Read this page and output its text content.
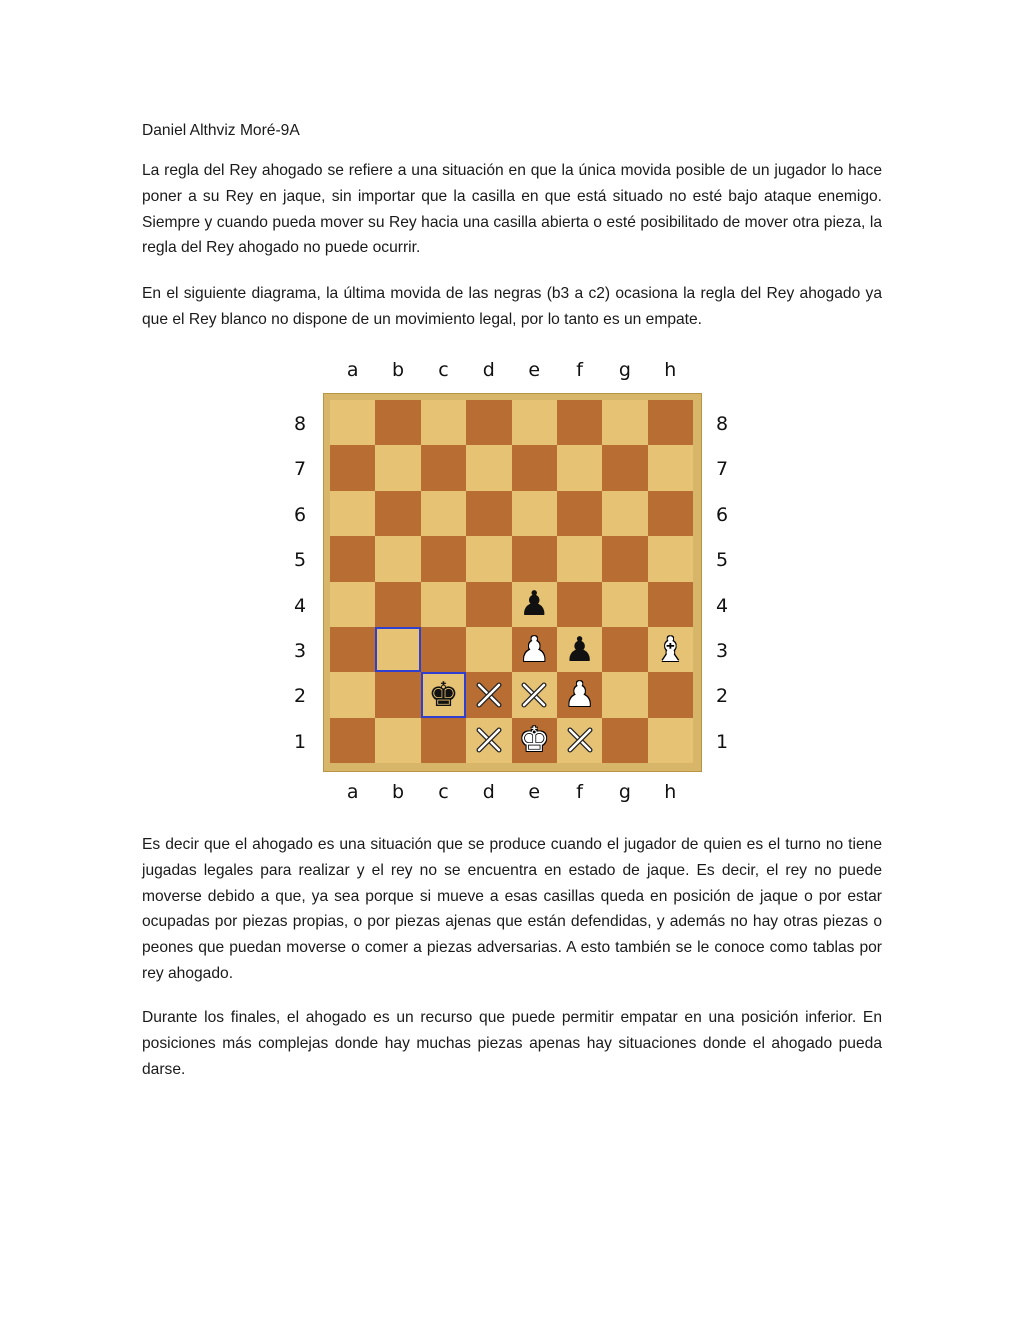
Daniel Althviz Moré-9A

La regla del Rey ahogado se refiere a una situación en que la única movida posible de un jugador lo hace poner a su Rey en jaque, sin importar que la casilla en que está situado no esté bajo ataque enemigo. Siempre y cuando pueda mover su Rey hacia una casilla abierta o esté posibilitado de mover otra pieza, la regla del Rey ahogado no puede ocurrir.

En el siguiente diagrama, la última movida de las negras (b3 a c2) ocasiona la regla del Rey ahogado ya que el Rey blanco no dispone de un movimiento legal, por lo tanto es un empate.

a	b	c	d	e	f	g	h
8
7
6
5
4
3
2
1
8
7
6
5
4
3
2
1
♟
♟ ♟ ♝
♚	♟
♚
a	b	c	d	e	f	g	h

Es decir que el ahogado es una situación que se produce cuando el jugador de quien es el turno no tiene jugadas legales para realizar y el rey no se encuentra en estado de jaque. Es decir, el rey no puede moverse debido a que, ya sea porque si mueve a esas casillas queda en posición de jaque o por estar ocupadas por piezas propias, o por piezas ajenas que están defendidas, y además no hay otras piezas o peones que puedan moverse o comer a piezas adversarias. A esto también se le conoce como tablas por rey ahogado.

Durante los finales, el ahogado es un recurso que puede permitir empatar en una posición inferior. En posiciones más complejas donde hay muchas piezas apenas hay situaciones donde el ahogado pueda darse.
